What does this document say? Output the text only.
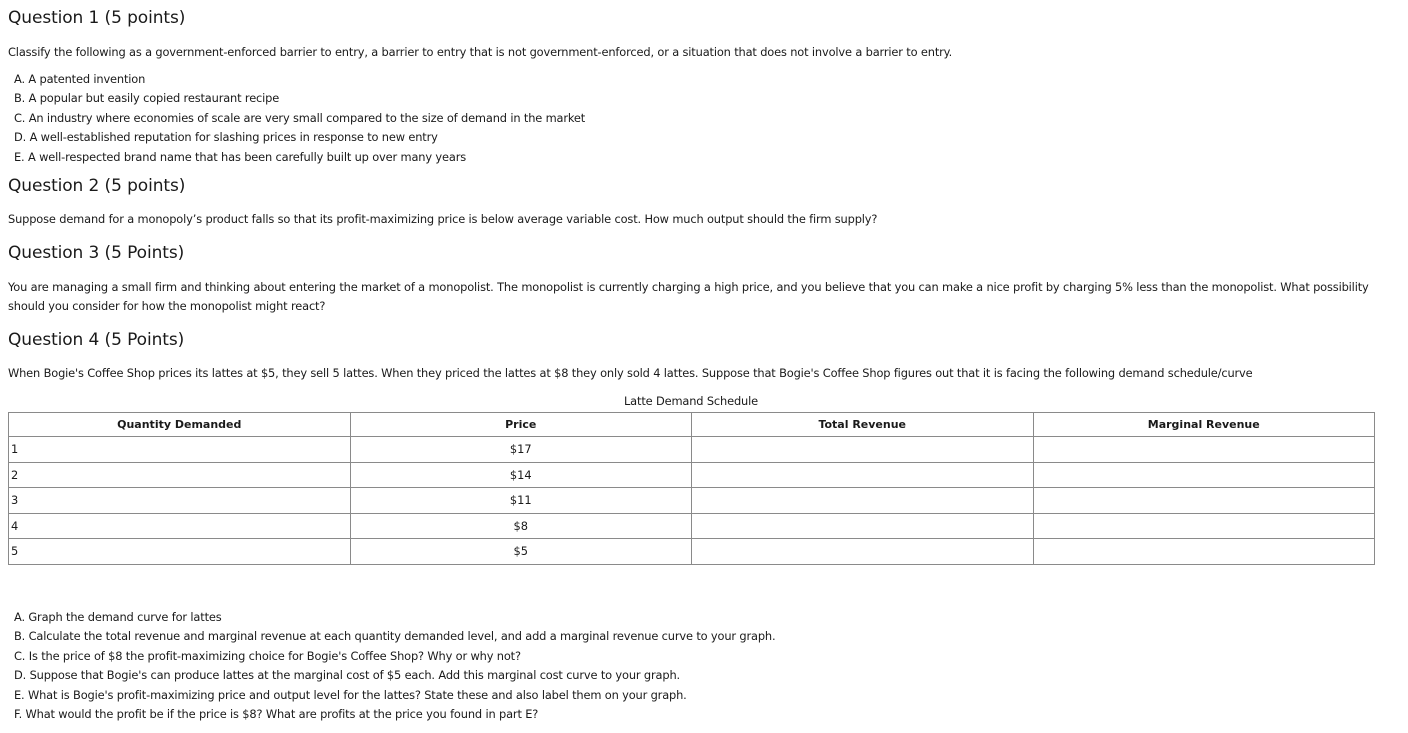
Question 1 (5 points)

Classify the following as a government-enforced barrier to entry, a barrier to entry that is not government-enforced, or a situation that does not involve a barrier to entry.

A. A patented invention
B. A popular but easily copied restaurant recipe
C. An industry where economies of scale are very small compared to the size of demand in the market
D. A well-established reputation for slashing prices in response to new entry
E. A well-respected brand name that has been carefully built up over many years
Question 2 (5 points)

Suppose demand for a monopoly’s product falls so that its profit-maximizing price is below average variable cost. How much output should the firm supply?

Question 3 (5 Points)

You are managing a small firm and thinking about entering the market of a monopolist. The monopolist is currently charging a high price, and you believe that you can make a nice profit by charging 5% less than the monopolist. What possibility should you consider for how the monopolist might react?

Question 4 (5 Points)

When Bogie's Coffee Shop prices its lattes at $5, they sell 5 lattes. When they priced the lattes at $8 they only sold 4 lattes. Suppose that Bogie's Coffee Shop figures out that it is facing the following demand schedule/curve

Latte Demand Schedule
Quantity Demanded	Price	Total Revenue	Marginal Revenue
1	$17		
2	$14		
3	$11		
4	$8		
5	$5		
A. Graph the demand curve for lattes
B. Calculate the total revenue and marginal revenue at each quantity demanded level, and add a marginal revenue curve to your graph.
C. Is the price of $8 the profit-maximizing choice for Bogie's Coffee Shop? Why or why not?
D. Suppose that Bogie's can produce lattes at the marginal cost of $5 each. Add this marginal cost curve to your graph.
E. What is Bogie's profit-maximizing price and output level for the lattes? State these and also label them on your graph.
F. What would the profit be if the price is $8? What are profits at the price you found in part E?
